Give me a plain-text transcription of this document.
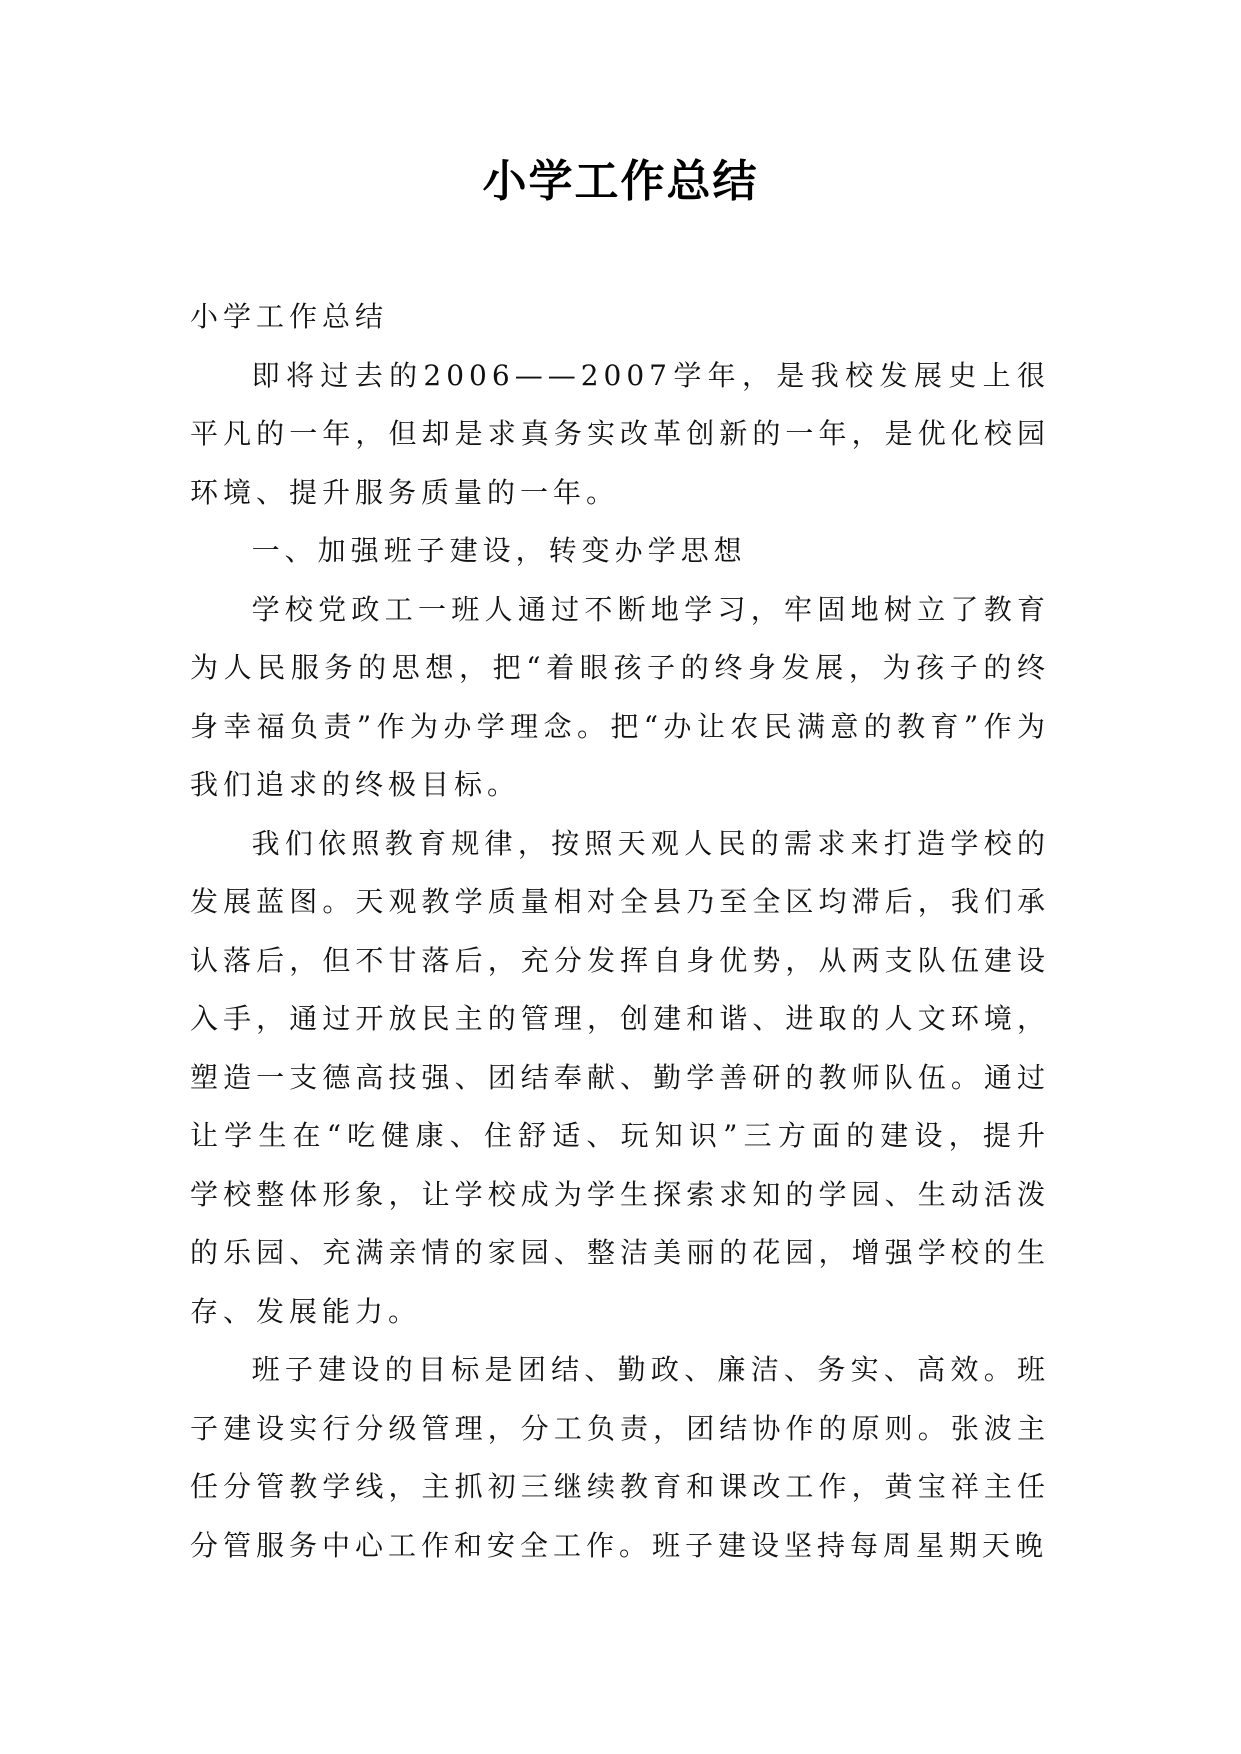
小学工作总结

小学工作总结

即将过去的2006——2007学年，是我校发展史上很平凡的一年，但却是求真务实改革创新的一年，是优化校园环境、提升服务质量的一年。

一、加强班子建设，转变办学思想

学校党政工一班人通过不断地学习，牢固地树立了教育为人民服务的思想，把“着眼孩子的终身发展，为孩子的终身幸福负责”作为办学理念。把“办让农民满意的教育”作为我们追求的终极目标。

我们依照教育规律，按照天观人民的需求来打造学校的发展蓝图。天观教学质量相对全县乃至全区均滞后，我们承认落后，但不甘落后，充分发挥自身优势，从两支队伍建设入手，通过开放民主的管理，创建和谐、进取的人文环境，塑造一支德高技强、团结奉献、勤学善研的教师队伍。通过让学生在“吃健康、住舒适、玩知识”三方面的建设，提升学校整体形象，让学校成为学生探索求知的学园、生动活泼的乐园、充满亲情的家园、整洁美丽的花园，增强学校的生存、发展能力。

班子建设的目标是团结、勤政、廉洁、务实、高效。班子建设实行分级管理，分工负责，团结协作的原则。张波主任分管教学线，主抓初三继续教育和课改工作，黄宝祥主任分管服务中心工作和安全工作。班子建设坚持每周星期天晚
